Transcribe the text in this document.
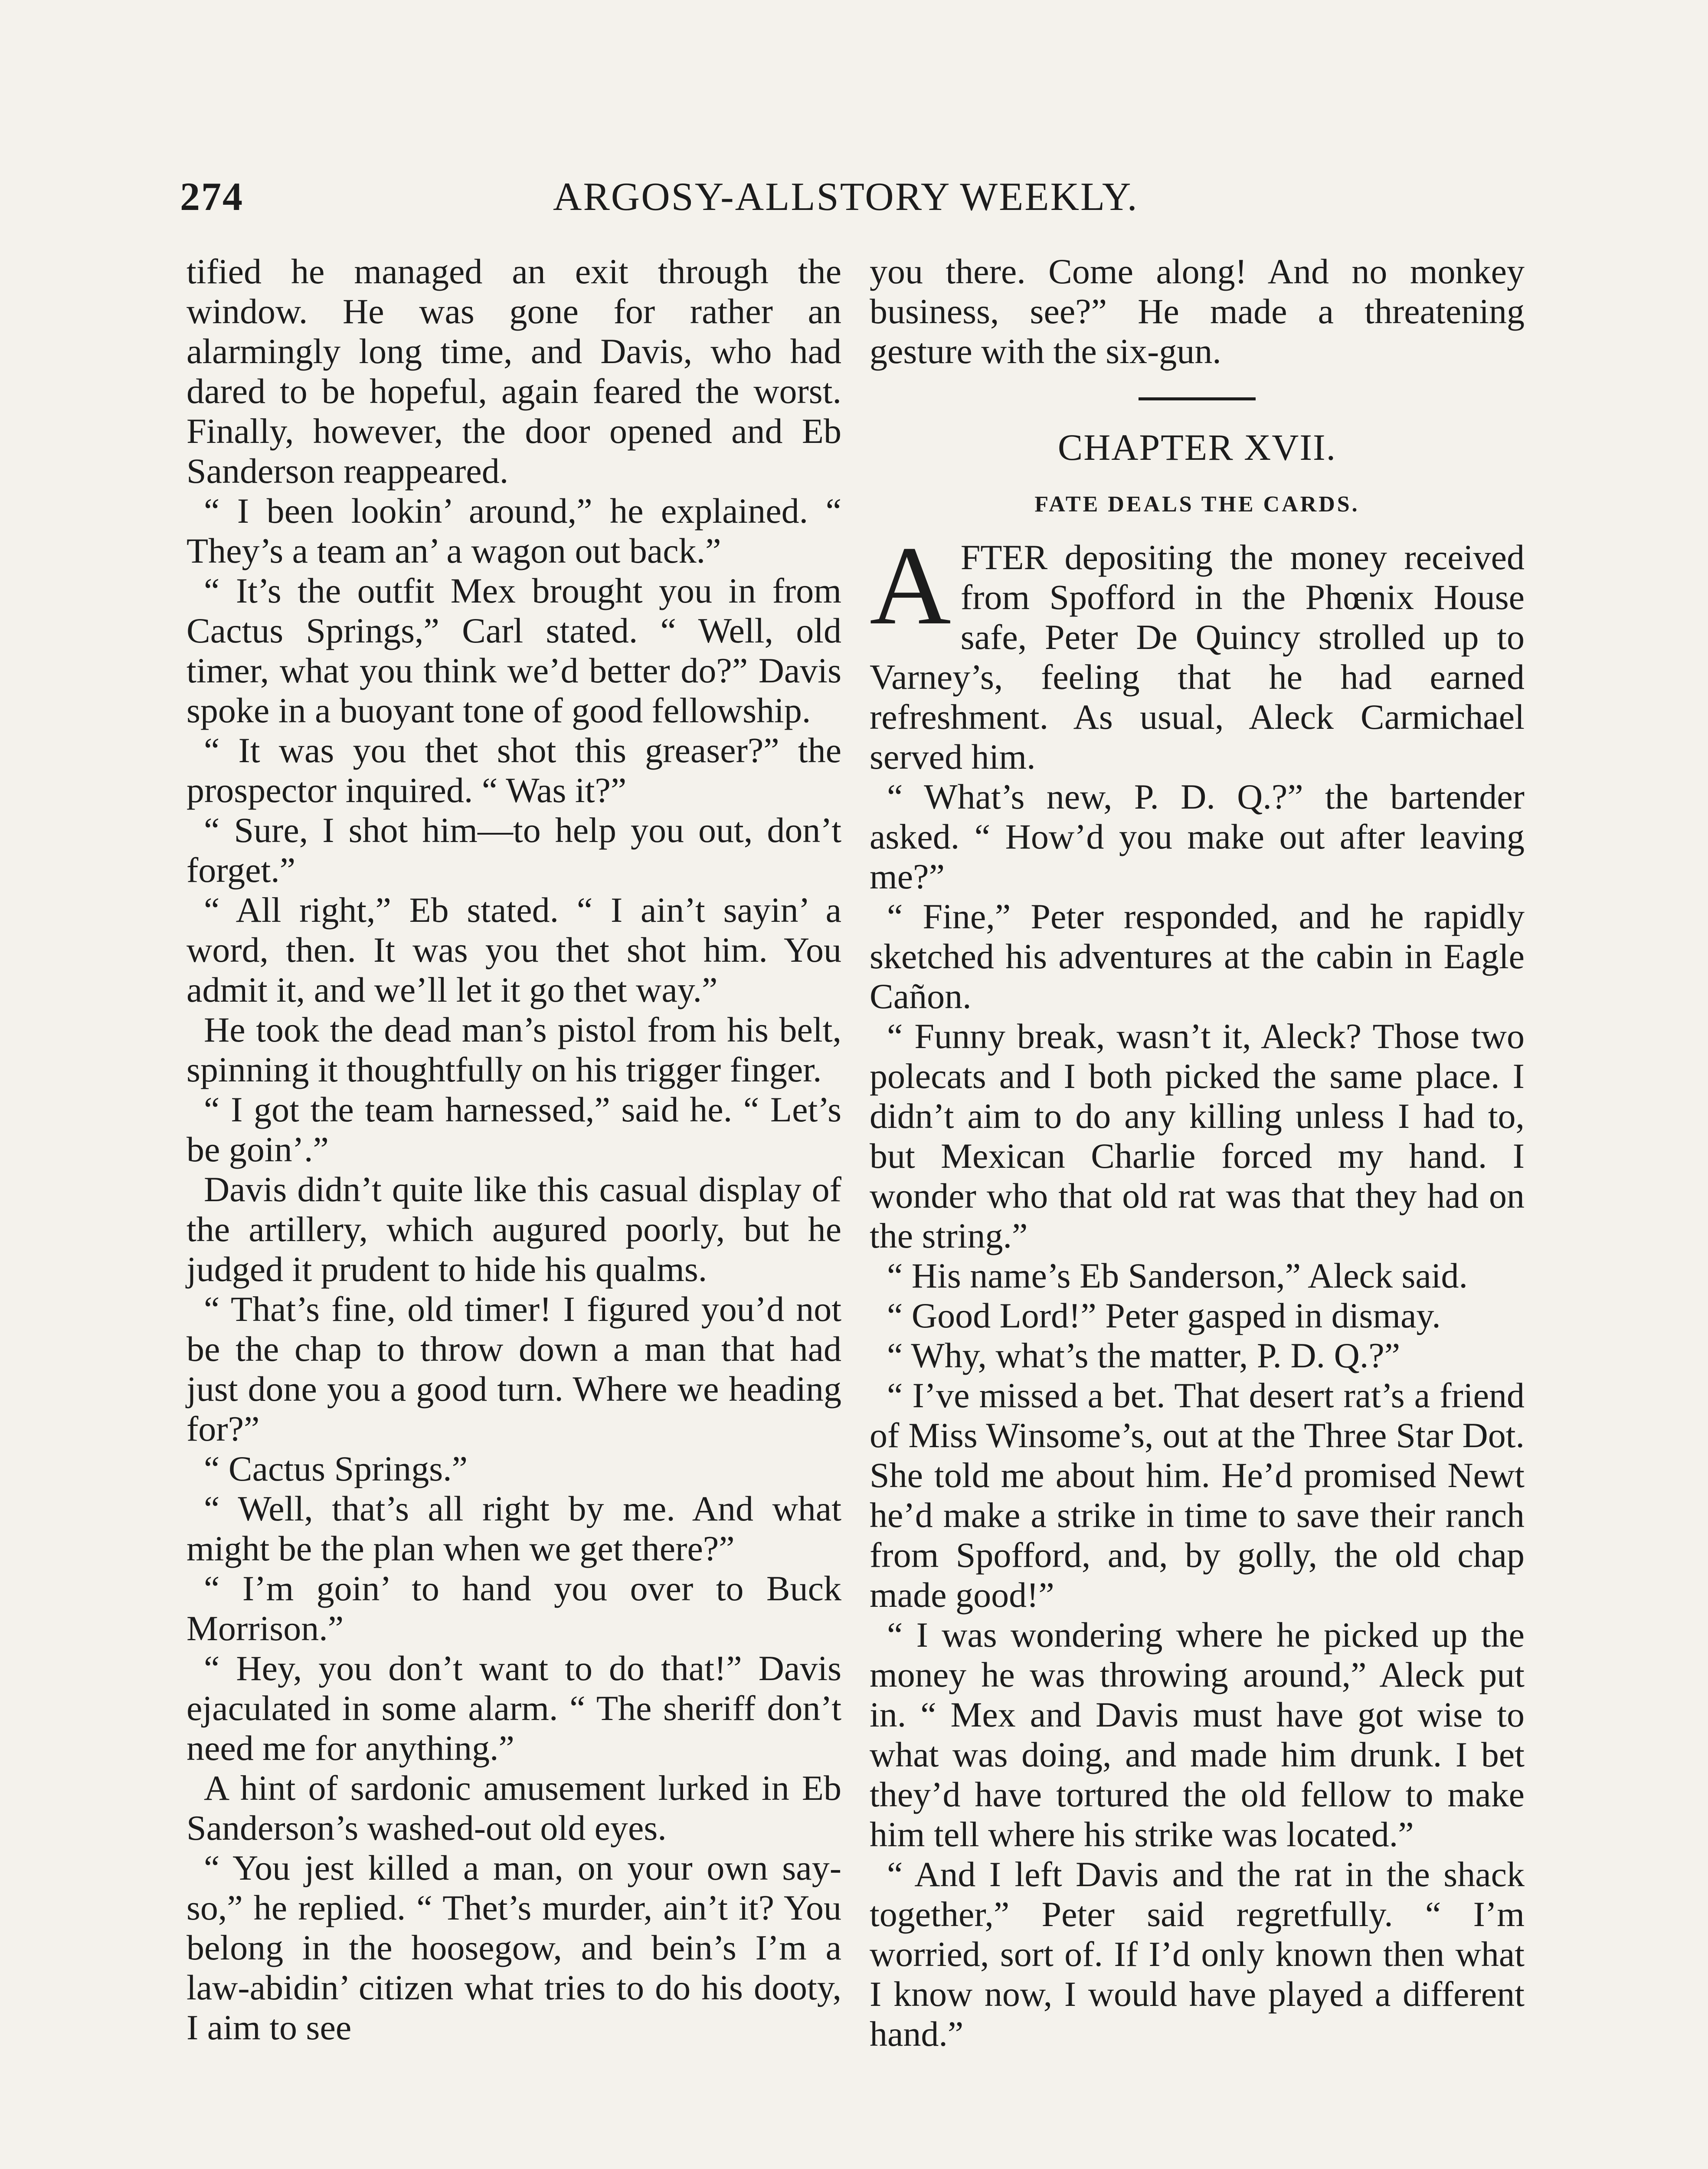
274	ARGOSY-ALLSTORY WEEKLY.

tified he managed an exit through the window. He was gone for rather an alarmingly long time, and Davis, who had dared to be hopeful, again feared the worst. Finally, however, the door opened and Eb Sanderson reappeared.

“ I been lookin’ around,” he explained. “ They’s a team an’ a wagon out back.”

“ It’s the outfit Mex brought you in from Cactus Springs,” Carl stated. “ Well, old timer, what you think we’d better do?” Davis spoke in a buoyant tone of good fellowship.

“ It was you thet shot this greaser?” the prospector inquired. “ Was it?”

“ Sure, I shot him—to help you out, don’t forget.”

“ All right,” Eb stated. “ I ain’t sayin’ a word, then. It was you thet shot him. You admit it, and we’ll let it go thet way.”

He took the dead man’s pistol from his belt, spinning it thoughtfully on his trigger finger.

“ I got the team harnessed,” said he. “ Let’s be goin’.”

Davis didn’t quite like this casual display of the artillery, which augured poorly, but he judged it prudent to hide his qualms.

“ That’s fine, old timer! I figured you’d not be the chap to throw down a man that had just done you a good turn. Where we heading for?”

“ Cactus Springs.”

“ Well, that’s all right by me. And what might be the plan when we get there?”

“ I’m goin’ to hand you over to Buck Morrison.”

“ Hey, you don’t want to do that!” Davis ejaculated in some alarm. “ The sheriff don’t need me for anything.”

A hint of sardonic amusement lurked in Eb Sanderson’s washed-out old eyes.

“ You jest killed a man, on your own say-so,” he replied. “ Thet’s murder, ain’t it? You belong in the hoosegow, and bein’s I’m a law-abidin’ citizen what tries to do his dooty, I aim to see

you there. Come along! And no monkey business, see?” He made a threatening gesture with the six-gun.

CHAPTER XVII.
FATE DEALS THE CARDS.

AFTER depositing the money received from Spofford in the Phœnix House safe, Peter De Quincy strolled up to Varney’s, feeling that he had earned refreshment. As usual, Aleck Carmichael served him.

“ What’s new, P. D. Q.?” the bartender asked. “ How’d you make out after leaving me?”

“ Fine,” Peter responded, and he rapidly sketched his adventures at the cabin in Eagle Cañon.

“ Funny break, wasn’t it, Aleck? Those two polecats and I both picked the same place. I didn’t aim to do any killing unless I had to, but Mexican Charlie forced my hand. I wonder who that old rat was that they had on the string.”

“ His name’s Eb Sanderson,” Aleck said.

“ Good Lord!” Peter gasped in dismay.

“ Why, what’s the matter, P. D. Q.?”

“ I’ve missed a bet. That desert rat’s a friend of Miss Winsome’s, out at the Three Star Dot. She told me about him. He’d promised Newt he’d make a strike in time to save their ranch from Spofford, and, by golly, the old chap made good!”

“ I was wondering where he picked up the money he was throwing around,” Aleck put in. “ Mex and Davis must have got wise to what was doing, and made him drunk. I bet they’d have tortured the old fellow to make him tell where his strike was located.”

“ And I left Davis and the rat in the shack together,” Peter said regretfully. “ I’m worried, sort of. If I’d only known then what I know now, I would have played a different hand.”
